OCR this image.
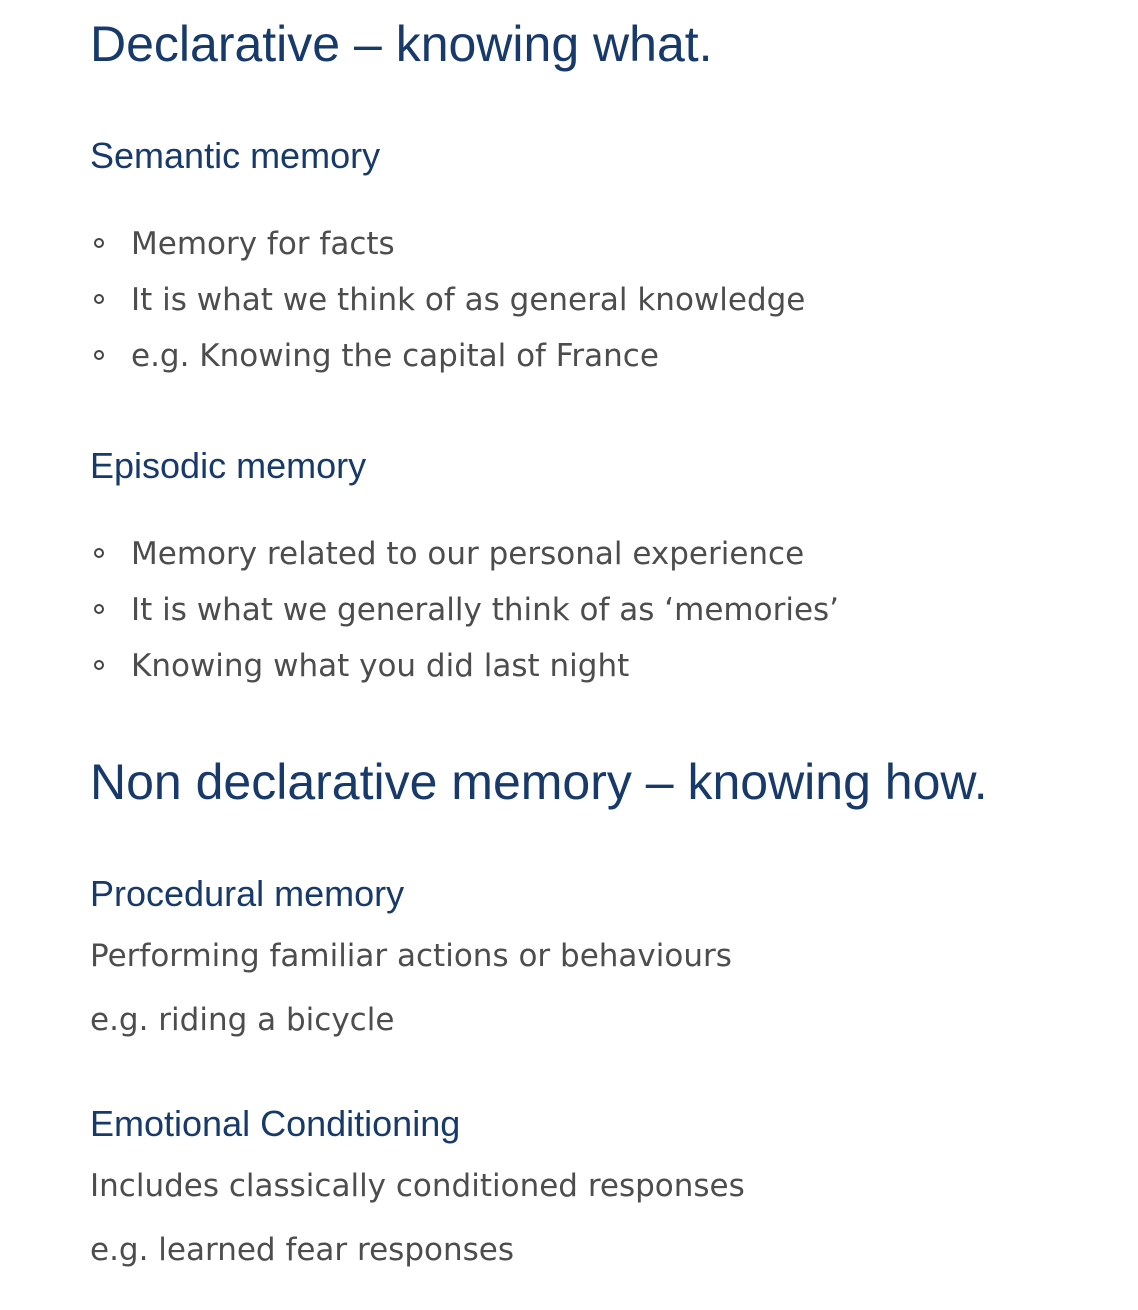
Declarative – knowing what.
Semantic memory
Memory for facts
It is what we think of as general knowledge
e.g. Knowing the capital of France
Episodic memory
Memory related to our personal experience
It is what we generally think of as ‘memories’
Knowing what you did last night
Non declarative memory – knowing how.
Procedural memory

Performing familiar actions or behaviours

e.g. riding a bicycle

Emotional Conditioning

Includes classically conditioned responses

e.g. learned fear responses
